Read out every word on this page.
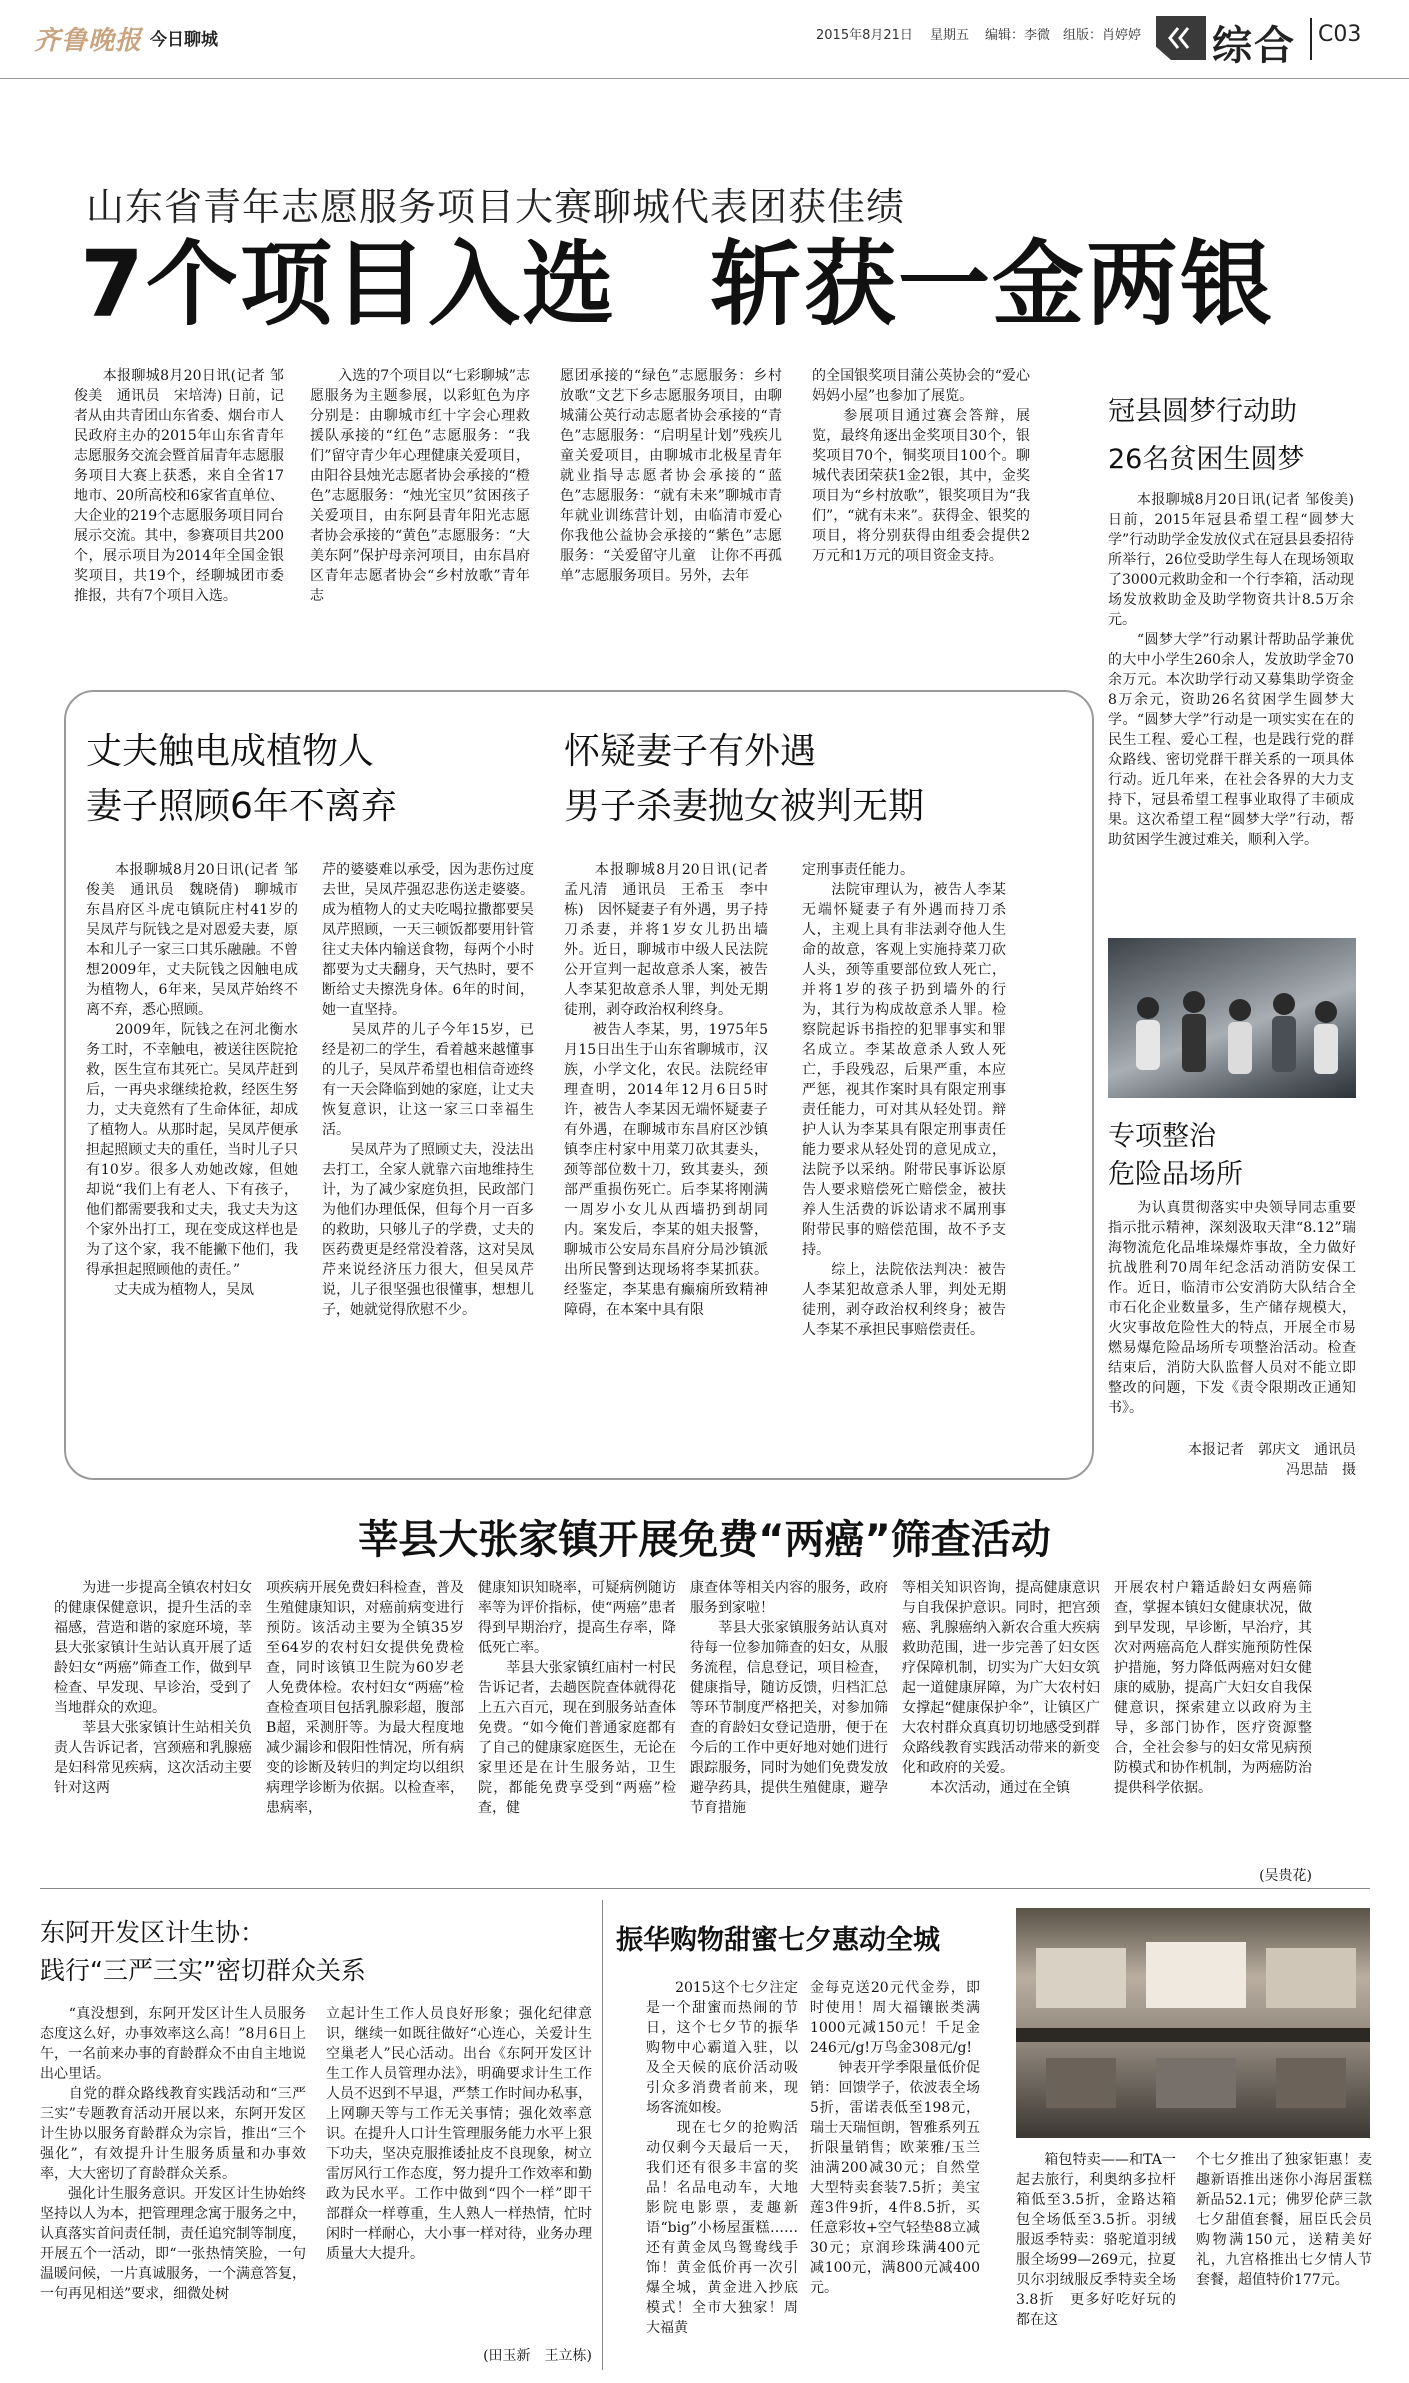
齐鲁晚报 今日聊城	2015年8月21日 星期五 编辑：李微 组版：肖婷婷 综合 C03
山东省青年志愿服务项目大赛聊城代表团获佳绩
7个项目入选　斩获一金两银
　　本报聊城8月20日讯(记者 邹俊美　通讯员　宋培涛) 日前，记者从由共青团山东省委、烟台市人民政府主办的2015年山东省青年志愿服务交流会暨首届青年志愿服务项目大赛上获悉，来自全省17地市、20所高校和6家省直单位、大企业的219个志愿服务项目同台展示交流。其中，参赛项目共200个，展示项目为2014年全国金银奖项目，共19个，经聊城团市委推报，共有7个项目入选。
　　入选的7个项目以“七彩聊城”志愿服务为主题参展，以彩虹色为序分别是：由聊城市红十字会心理救援队承接的“红色”志愿服务：“我们”留守青少年心理健康关爱项目，由阳谷县烛光志愿者协会承接的“橙色”志愿服务：“烛光宝贝”贫困孩子关爱项目，由东阿县青年阳光志愿者协会承接的“黄色”志愿服务：“大美东阿”保护母亲河项目，由东昌府区青年志愿者协会“乡村放歌”青年志
愿团承接的“绿色”志愿服务：乡村放歌“文艺下乡志愿服务项目，由聊城蒲公英行动志愿者协会承接的“青色”志愿服务：“启明星计划”残疾儿童关爱项目，由聊城市北极星青年就业指导志愿者协会承接的“蓝色”志愿服务：“就有未来”聊城市青年就业训练营计划，由临清市爱心你我他公益协会承接的“紫色”志愿服务：“关爱留守儿童　让你不再孤单”志愿服务项目。另外，去年
的全国银奖项目蒲公英协会的“爱心妈妈小屋”也参加了展览。
　　参展项目通过赛会答辩，展览，最终角逐出金奖项目30个，银奖项目70个，铜奖项目100个。聊城代表团荣获1金2银，其中，金奖项目为“乡村放歌”，银奖项目为“我们”，“就有未来”。获得金、银奖的项目，将分别获得由组委会提供2万元和1万元的项目资金支持。
冠县圆梦行动助
26名贫困生圆梦
　　本报聊城8月20日讯(记者 邹俊美)　日前，2015年冠县希望工程“圆梦大学”行动助学金发放仪式在冠县县委招待所举行，26位受助学生每人在现场领取了3000元救助金和一个行李箱，活动现场发放救助金及助学物资共计8.5万余元。
　　“圆梦大学”行动累计帮助品学兼优的大中小学生260余人，发放助学金70余万元。本次助学行动又募集助学资金8万余元，资助26名贫困学生圆梦大学。“圆梦大学”行动是一项实实在在的民生工程、爱心工程，也是践行党的群众路线、密切党群干群关系的一项具体行动。近几年来，在社会各界的大力支持下，冠县希望工程事业取得了丰硕成果。这次希望工程“圆梦大学”行动，帮助贫困学生渡过难关，顺利入学。
专项整治
危险品场所
　　为认真贯彻落实中央领导同志重要指示批示精神，深刻汲取天津“8.12”瑞海物流危化品堆垛爆炸事故，全力做好抗战胜利70周年纪念活动消防安保工作。近日，临清市公安消防大队结合全市石化企业数量多，生产储存规模大，火灾事故危险性大的特点，开展全市易燃易爆危险品场所专项整治活动。检查结束后，消防大队监督人员对不能立即整改的问题，下发《责令限期改正通知书》。
本报记者　郭庆文　通讯员
冯思喆　摄
丈夫触电成植物人
妻子照顾6年不离弃
　　本报聊城8月20日讯(记者 邹俊美　通讯员　魏晓倩)　聊城市东昌府区斗虎屯镇阮庄村41岁的吴凤芹与阮钱之是对恩爱夫妻，原本和儿子一家三口其乐融融。不曾想2009年，丈夫阮钱之因触电成为植物人，6年来，吴凤芹始终不离不弃，悉心照顾。
　　2009年，阮钱之在河北衡水务工时，不幸触电，被送往医院抢救，医生宣布其死亡。吴凤芹赶到后，一再央求继续抢救，经医生努力，丈夫竟然有了生命体征，却成了植物人。从那时起，吴凤芹便承担起照顾丈夫的重任，当时儿子只有10岁。很多人劝她改嫁，但她却说“我们上有老人、下有孩子，他们都需要我和丈夫，我丈夫为这个家外出打工，现在变成这样也是为了这个家，我不能撇下他们，我得承担起照顾他的责任。”
　　丈夫成为植物人，吴凤
芹的婆婆难以承受，因为悲伤过度去世，吴凤芹强忍悲伤送走婆婆。成为植物人的丈夫吃喝拉撒都要吴凤芹照顾，一天三顿饭都要用针管往丈夫体内输送食物，每两个小时都要为丈夫翻身，天气热时，要不断给丈夫擦洗身体。6年的时间，她一直坚持。
　　吴凤芹的儿子今年15岁，已经是初二的学生，看着越来越懂事的儿子，吴凤芹希望也相信奇迹终有一天会降临到她的家庭，让丈夫恢复意识，让这一家三口幸福生活。
　　吴凤芹为了照顾丈夫，没法出去打工，全家人就靠六亩地维持生计，为了减少家庭负担，民政部门为他们办理低保，但每个月一百多的救助，只够儿子的学费，丈夫的医药费更是经常没着落，这对吴凤芹来说经济压力很大，但吴凤芹说，儿子很坚强也很懂事，想想儿子，她就觉得欣慰不少。
怀疑妻子有外遇
男子杀妻抛女被判无期
　　本报聊城8月20日讯(记者 孟凡清　通讯员　王希玉　李中栋)　因怀疑妻子有外遇，男子持刀杀妻，并将1岁女儿扔出墙外。近日，聊城市中级人民法院公开宣判一起故意杀人案，被告人李某犯故意杀人罪，判处无期徒刑，剥夺政治权利终身。
　　被告人李某，男，1975年5月15日出生于山东省聊城市，汉族，小学文化，农民。法院经审理查明，2014年12月6日5时许，被告人李某因无端怀疑妻子有外遇，在聊城市东昌府区沙镇镇李庄村家中用菜刀砍其妻头，颈等部位数十刀，致其妻头，颈部严重损伤死亡。后李某将刚满一周岁小女儿从西墙扔到胡同内。案发后，李某的姐夫报警，聊城市公安局东昌府分局沙镇派出所民警到达现场将李某抓获。经鉴定，李某患有癫痫所致精神障碍，在本案中具有限
定刑事责任能力。
　　法院审理认为，被告人李某无端怀疑妻子有外遇而持刀杀人，主观上具有非法剥夺他人生命的故意，客观上实施持菜刀砍人头，颈等重要部位致人死亡，并将1岁的孩子扔到墙外的行为，其行为构成故意杀人罪。检察院起诉书指控的犯罪事实和罪名成立。李某故意杀人致人死亡，手段残忍，后果严重，本应严惩，视其作案时具有限定刑事责任能力，可对其从轻处罚。辩护人认为李某具有限定刑事责任能力要求从轻处罚的意见成立，法院予以采纳。附带民事诉讼原告人要求赔偿死亡赔偿金，被扶养人生活费的诉讼请求不属刑事附带民事的赔偿范围，故不予支持。
　　综上，法院依法判决：被告人李某犯故意杀人罪，判处无期徒刑，剥夺政治权利终身；被告人李某不承担民事赔偿责任。
莘县大张家镇开展免费“两癌”筛查活动
　　为进一步提高全镇农村妇女的健康保健意识，提升生活的幸福感，营造和谐的家庭环境，莘县大张家镇计生站认真开展了适龄妇女“两癌”筛查工作，做到早检查、早发现、早诊治，受到了当地群众的欢迎。
　　莘县大张家镇计生站相关负责人告诉记者，宫颈癌和乳腺癌是妇科常见疾病，这次活动主要针对这两
项疾病开展免费妇科检查，普及生殖健康知识，对癌前病变进行预防。该活动主要为全镇35岁至64岁的农村妇女提供免费检查，同时该镇卫生院为60岁老人免费体检。农村妇女“两癌”检查检查项目包括乳腺彩超，腹部B超，采测肝等。为最大程度地减少漏诊和假阳性情况，所有病变的诊断及转归的判定均以组织病理学诊断为依据。以检查率，患病率，
健康知识知晓率，可疑病例随访率等为评价指标，使“两癌”患者得到早期治疗，提高生存率，降低死亡率。
　　莘县大张家镇红庙村一村民告诉记者，去趟医院查体就得花上五六百元，现在到服务站查体免费。“如今俺们普通家庭都有了自己的健康家庭医生，无论在家里还是在计生服务站，卫生院，都能免费享受到“两癌”检查，健
康查体等相关内容的服务，政府服务到家啦！
　　莘县大张家镇服务站认真对待每一位参加筛查的妇女，从服务流程，信息登记，项目检查，健康指导，随访反馈，归档汇总等环节制度严格把关，对参加筛查的育龄妇女登记造册，便于在今后的工作中更好地对她们进行跟踪服务，同时为她们免费发放避孕药具，提供生殖健康，避孕节育措施
等相关知识咨询，提高健康意识与自我保护意识。同时，把宫颈癌、乳腺癌纳入新农合重大疾病救助范围，进一步完善了妇女医疗保障机制，切实为广大妇女筑起一道健康屏障，为广大农村妇女撑起“健康保护伞”，让镇区广大农村群众真真切切地感受到群众路线教育实践活动带来的新变化和政府的关爱。
　　本次活动，通过在全镇
开展农村户籍适龄妇女两癌筛查，掌握本镇妇女健康状况，做到早发现，早诊断，早治疗，其次对两癌高危人群实施预防性保护措施，努力降低两癌对妇女健康的威胁，提高广大妇女自我保健意识，探索建立以政府为主导，多部门协作，医疗资源整合，全社会参与的妇女常见病预防模式和协作机制，为两癌防治提供科学依据。
(吴贵花)
东阿开发区计生协：
践行“三严三实”密切群众关系
　　“真没想到，东阿开发区计生人员服务态度这么好，办事效率这么高！”8月6日上午，一名前来办事的育龄群众不由自主地说出心里话。
　　自党的群众路线教育实践活动和“三严三实”专题教育活动开展以来，东阿开发区计生协以服务育龄群众为宗旨，推出“三个强化”，有效提升计生服务质量和办事效率，大大密切了育龄群众关系。
　　强化计生服务意识。开发区计生协始终坚持以人为本，把管理理念寓于服务之中，认真落实首问责任制，责任追究制等制度，开展五个一活动，即“一张热情笑脸，一句温暖问候，一片真诚服务，一个满意答复，一句再见相送”要求，细微处树
立起计生工作人员良好形象；强化纪律意识，继续一如既往做好“心连心，关爱计生空巢老人”民心活动。出台《东阿开发区计生工作人员管理办法》，明确要求计生工作人员不迟到不早退，严禁工作时间办私事，上网聊天等与工作无关事情；强化效率意识。在提升人口计生管理服务能力水平上狠下功夫，坚决克服推诿扯皮不良现象，树立雷厉风行工作态度，努力提升工作效率和勤政为民水平。工作中做到“四个一样”即干部群众一样尊重，生人熟人一样热情，忙时闲时一样耐心，大小事一样对待，业务办理质量大大提升。
(田玉新　王立栋)
振华购物甜蜜七夕惠动全城
　　2015这个七夕注定是一个甜蜜而热闹的节日，这个七夕节的振华购物中心霸道入驻，以及全天候的底价活动吸引众多消费者前来，现场客流如梭。
　　现在七夕的抢购活动仅剩今天最后一天，我们还有很多丰富的奖品！名品电动车，大地影院电影票，麦趣新语“big”小杨屋蛋糕……还有黄金凤鸟鸳鸯线手饰！黄金低价再一次引爆全城，黄金进入抄底模式！全市大独家！周大福黄
金每克送20元代金券，即时使用！周大福镶嵌类满1000元减150元！千足金246元/g!万鸟金308元/g!
　　钟表开学季限量低价促销：回馈学子，依波表全场5折，雷诺表低至198元，瑞士天瑞恒朗，智雅系列五折限量销售；欧莱雅/玉兰油满200减30元；自然堂大型特卖套装7.5折；美宝莲3件9折，4件8.5折，买任意彩妆+空气轻垫88立减30元；京润珍珠满400元减100元，满800元减400元。
　　箱包特卖——和TA一起去旅行，利奥纳多拉杆箱低至3.5折，金路达箱包全场低至3.5折。羽绒服返季特卖：骆驼道羽绒服全场99—269元，拉夏贝尔羽绒服反季特卖全场3.8折　更多好吃好玩的都在这
个七夕推出了独家钜惠！麦趣新语推出迷你小海居蛋糕新品52.1元；佛罗伦萨三款七夕甜值套餐，屈臣氏会员购物满150元，送精美好礼，九宫格推出七夕情人节套餐，超值特价177元。
